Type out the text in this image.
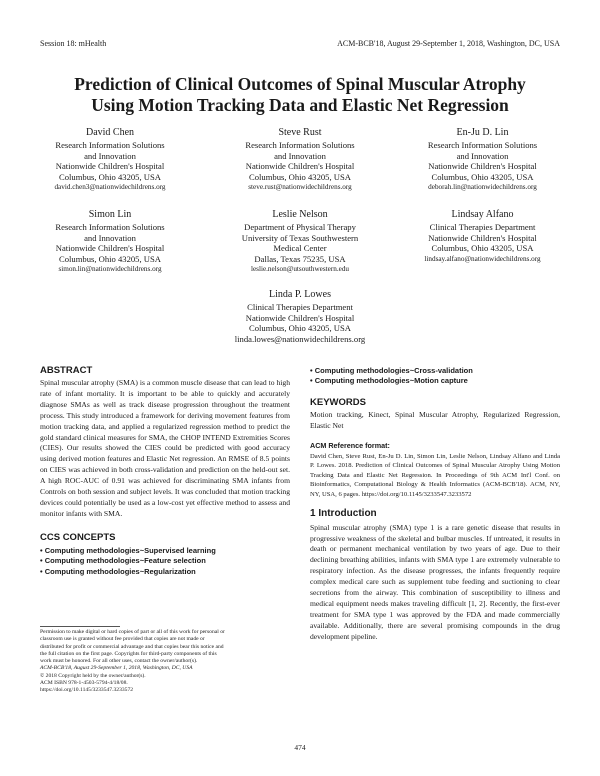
Session 18: mHealth	ACM-BCB'18, August 29-September 1, 2018, Washington, DC, USA
Prediction of Clinical Outcomes of Spinal Muscular Atrophy
Using Motion Tracking Data and Elastic Net Regression
David Chen
Research Information Solutions
and Innovation
Nationwide Children's Hospital
Columbus, Ohio 43205, USA
david.chen3@nationwidechildrens.org
Steve Rust
Research Information Solutions
and Innovation
Nationwide Children's Hospital
Columbus, Ohio 43205, USA
steve.rust@nationwidechildrens.org
En-Ju D. Lin
Research Information Solutions
and Innovation
Nationwide Children's Hospital
Columbus, Ohio 43205, USA
deborah.lin@nationwidechildrens.org
Simon Lin
Research Information Solutions
and Innovation
Nationwide Children's Hospital
Columbus, Ohio 43205, USA
simon.lin@nationwidechildrens.org
Leslie Nelson
Department of Physical Therapy
University of Texas Southwestern
Medical Center
Dallas, Texas 75235, USA
leslie.nelson@utsouthwestern.edu
Lindsay Alfano
Clinical Therapies Department
Nationwide Children's Hospital
Columbus, Ohio 43205, USA
lindsay.alfano@nationwidechildrens.org
Linda P. Lowes
Clinical Therapies Department
Nationwide Children's Hospital
Columbus, Ohio 43205, USA
linda.lowes@nationwidechildrens.org
ABSTRACT
Spinal muscular atrophy (SMA) is a common muscle disease that can lead to high rate of infant mortality. It is important to be able to quickly and accurately diagnose SMAs as well as track disease progression throughout the treatment process. This study introduced a framework for deriving movement features from motion tracking data, and applied a regularized regression method to predict the gold standard clinical measures for SMA, the CHOP INTEND Extremities Scores (CIES). Our results showed the CIES could be predicted with good accuracy using derived motion features and Elastic Net regression. An RMSE of 8.5 points on CIES was achieved in both cross-validation and prediction on the held-out set. A high ROC-AUC of 0.91 was achieved for discriminating SMA infants from Controls on both session and subject levels. It was concluded that motion tracking devices could potentially be used as a low-cost yet effective method to assess and monitor infants with SMA.
CCS CONCEPTS
• Computing methodologies~Supervised learning
• Computing methodologies~Feature selection
• Computing methodologies~Regularization
Permission to make digital or hard copies of part or all of this work for personal or
classroom use is granted without fee provided that copies are not made or
distributed for profit or commercial advantage and that copies bear this notice and
the full citation on the first page. Copyrights for third-party components of this
work must be honored. For all other uses, contact the owner/author(s).
ACM-BCB'18, August 29-September 1, 2018, Washington, DC, USA
© 2018 Copyright held by the owner/author(s).
ACM ISBN 978-1-4503-5794-4/18/08.
https://doi.org/10.1145/3233547.3233572
• Computing methodologies~Cross-validation
• Computing methodologies~Motion capture
KEYWORDS
Motion tracking, Kinect, Spinal Muscular Atrophy, Regularized Regression, Elastic Net
ACM Reference format:
David Chen, Steve Rust, En-Ju D. Lin, Simon Lin, Leslie Nelson, Lindsay Alfano and Linda P. Lowes. 2018. Prediction of Clinical Outcomes of Spinal Muscular Atrophy Using Motion Tracking Data and Elastic Net Regression. In Proceedings of 9th ACM Int'l Conf. on Bioinformatics, Computational Biology & Health Informatics (ACM-BCB'18). ACM, NY, NY, USA, 6 pages. https://doi.org/10.1145/3233547.3233572
1 Introduction
Spinal muscular atrophy (SMA) type 1 is a rare genetic disease that results in progressive weakness of the skeletal and bulbar muscles. If untreated, it results in death or permanent mechanical ventilation by two years of age. Due to their declining breathing abilities, infants with SMA type 1 are extremely vulnerable to respiratory infection. As the disease progresses, the infants frequently require complex medical care such as supplement tube feeding and suctioning to clear secretions from the airway. This combination of susceptibility to illness and medical equipment needs makes traveling difficult [1, 2]. Recently, the first-ever treatment for SMA type 1 was approved by the FDA and made commercially available. Additionally, there are several promising compounds in the drug development pipeline.
474
